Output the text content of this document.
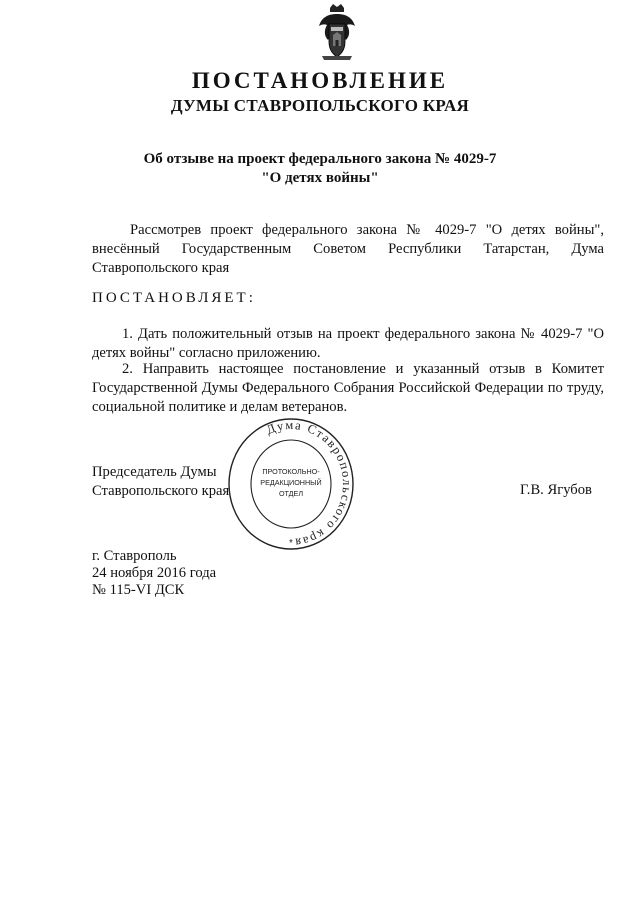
ПОСТАНОВЛЕНИЕ
ДУМЫ СТАВРОПОЛЬСКОГО КРАЯ
Об отзыве на проект федерального закона № 4029-7
"О детях войны"
Рассмотрев проект федерального закона № 4029-7 "О детях войны", внесённый Государственным Советом Республики Татарстан, Дума Ставропольского края
ПОСТАНОВЛЯЕТ:
1. Дать положительный отзыв на проект федерального закона № 4029-7 "О детях войны" согласно приложению.
2. Направить настоящее постановление и указанный отзыв в Комитет Государственной Думы Федерального Собрания Российской Федерации по труду, социальной политике и делам ветеранов.
Председатель Думы
Ставропольского края	Г.В. Ягубов
Дума Ставропольского края
ПРОТОКОЛЬНО-
РЕДАКЦИОННЫЙ
ОТДЕЛ
*
г. Ставрополь
24 ноября 2016 года
№ 115-VI ДСК
